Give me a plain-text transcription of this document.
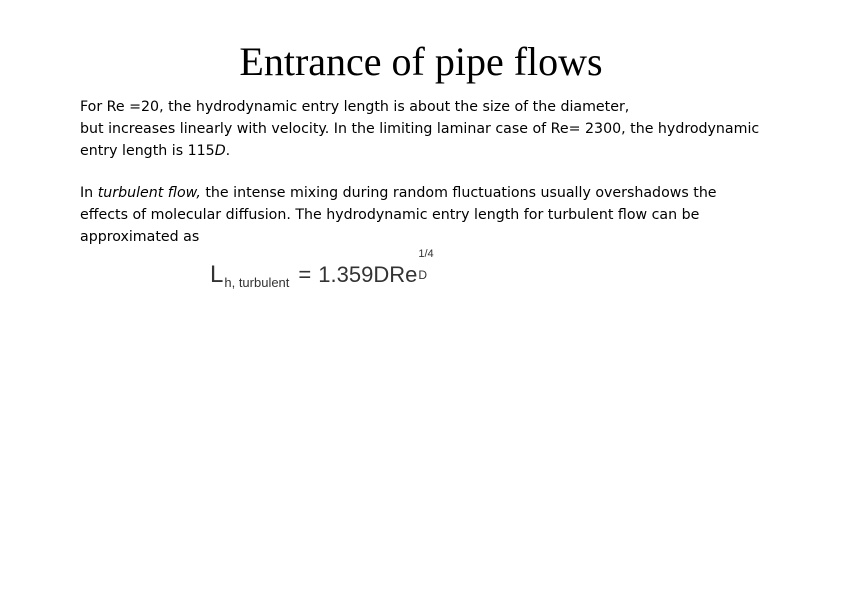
Entrance of pipe flows

For Re =20, the hydrodynamic entry length is about the size of the diameter,
but increases linearly with velocity. In the limiting laminar case of Re= 2300, the hydrodynamic
entry length is 115D.

In turbulent flow, the intense mixing during random fluctuations usually overshadows the
effects of molecular diffusion. The hydrodynamic entry length for turbulent flow can be
approximated as

$L_{h, turbulent} = 1.359DRe$
1/4
D
